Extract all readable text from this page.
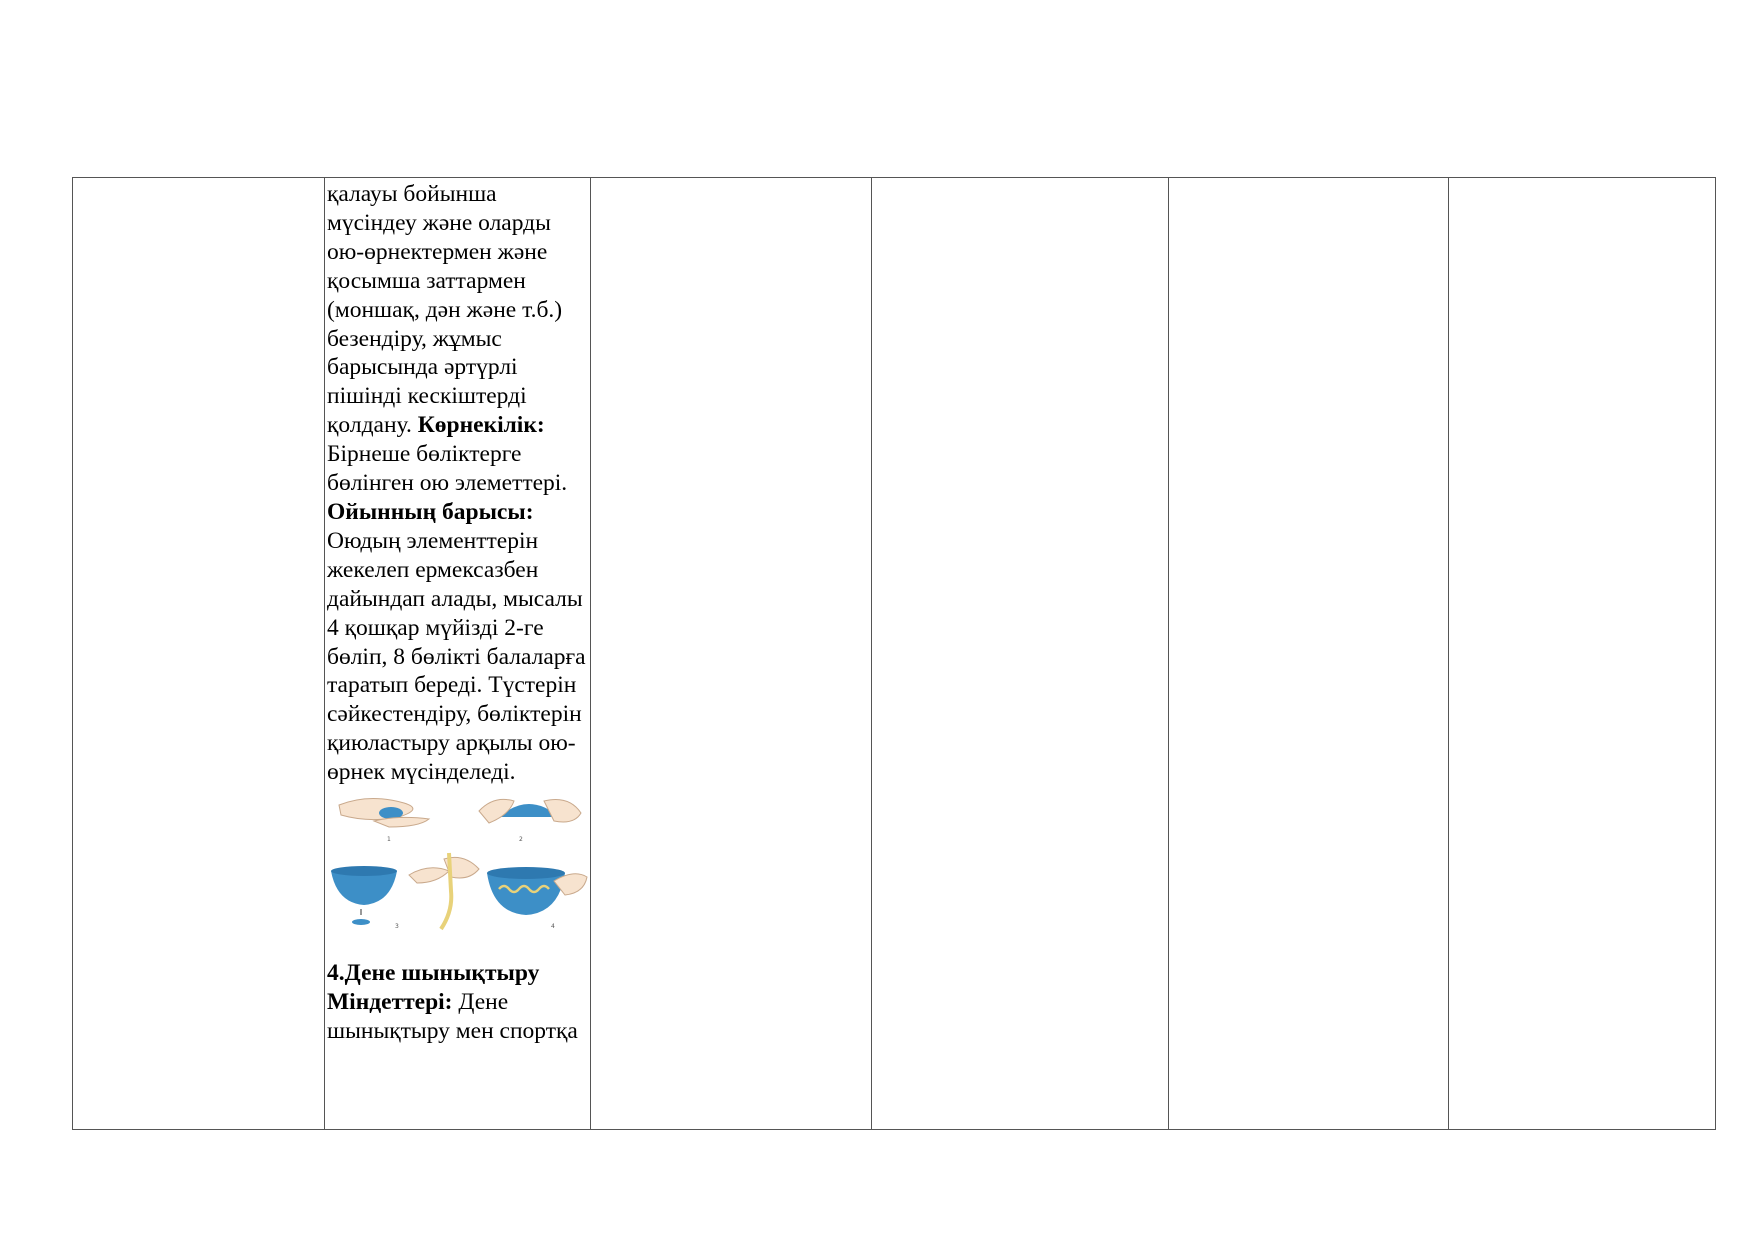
қалауы бойынша мүсіндеу және оларды ою-өрнектермен және қосымша заттармен (моншақ, дән және т.б.) безендіру, жұмыс барысында әртүрлі пішінді кескіштерді қолдану. Көрнекілік: Бірнеше бөліктерге бөлінген ою элеметтері.

Ойынның барысы: Оюдың элементтерін жекелеп ермексазбен дайындап алады, мысалы 4 қошқар мүйізді 2-ге бөліп, 8 бөлікті балаларға таратып береді. Түстерін сәйкестендіру, бөліктерін қиюластыру арқылы ою-өрнек мүсінделеді.

1	2
3	4

4.Дене шынықтыру

Міндеттері: Дене шынықтыру мен спортқа
